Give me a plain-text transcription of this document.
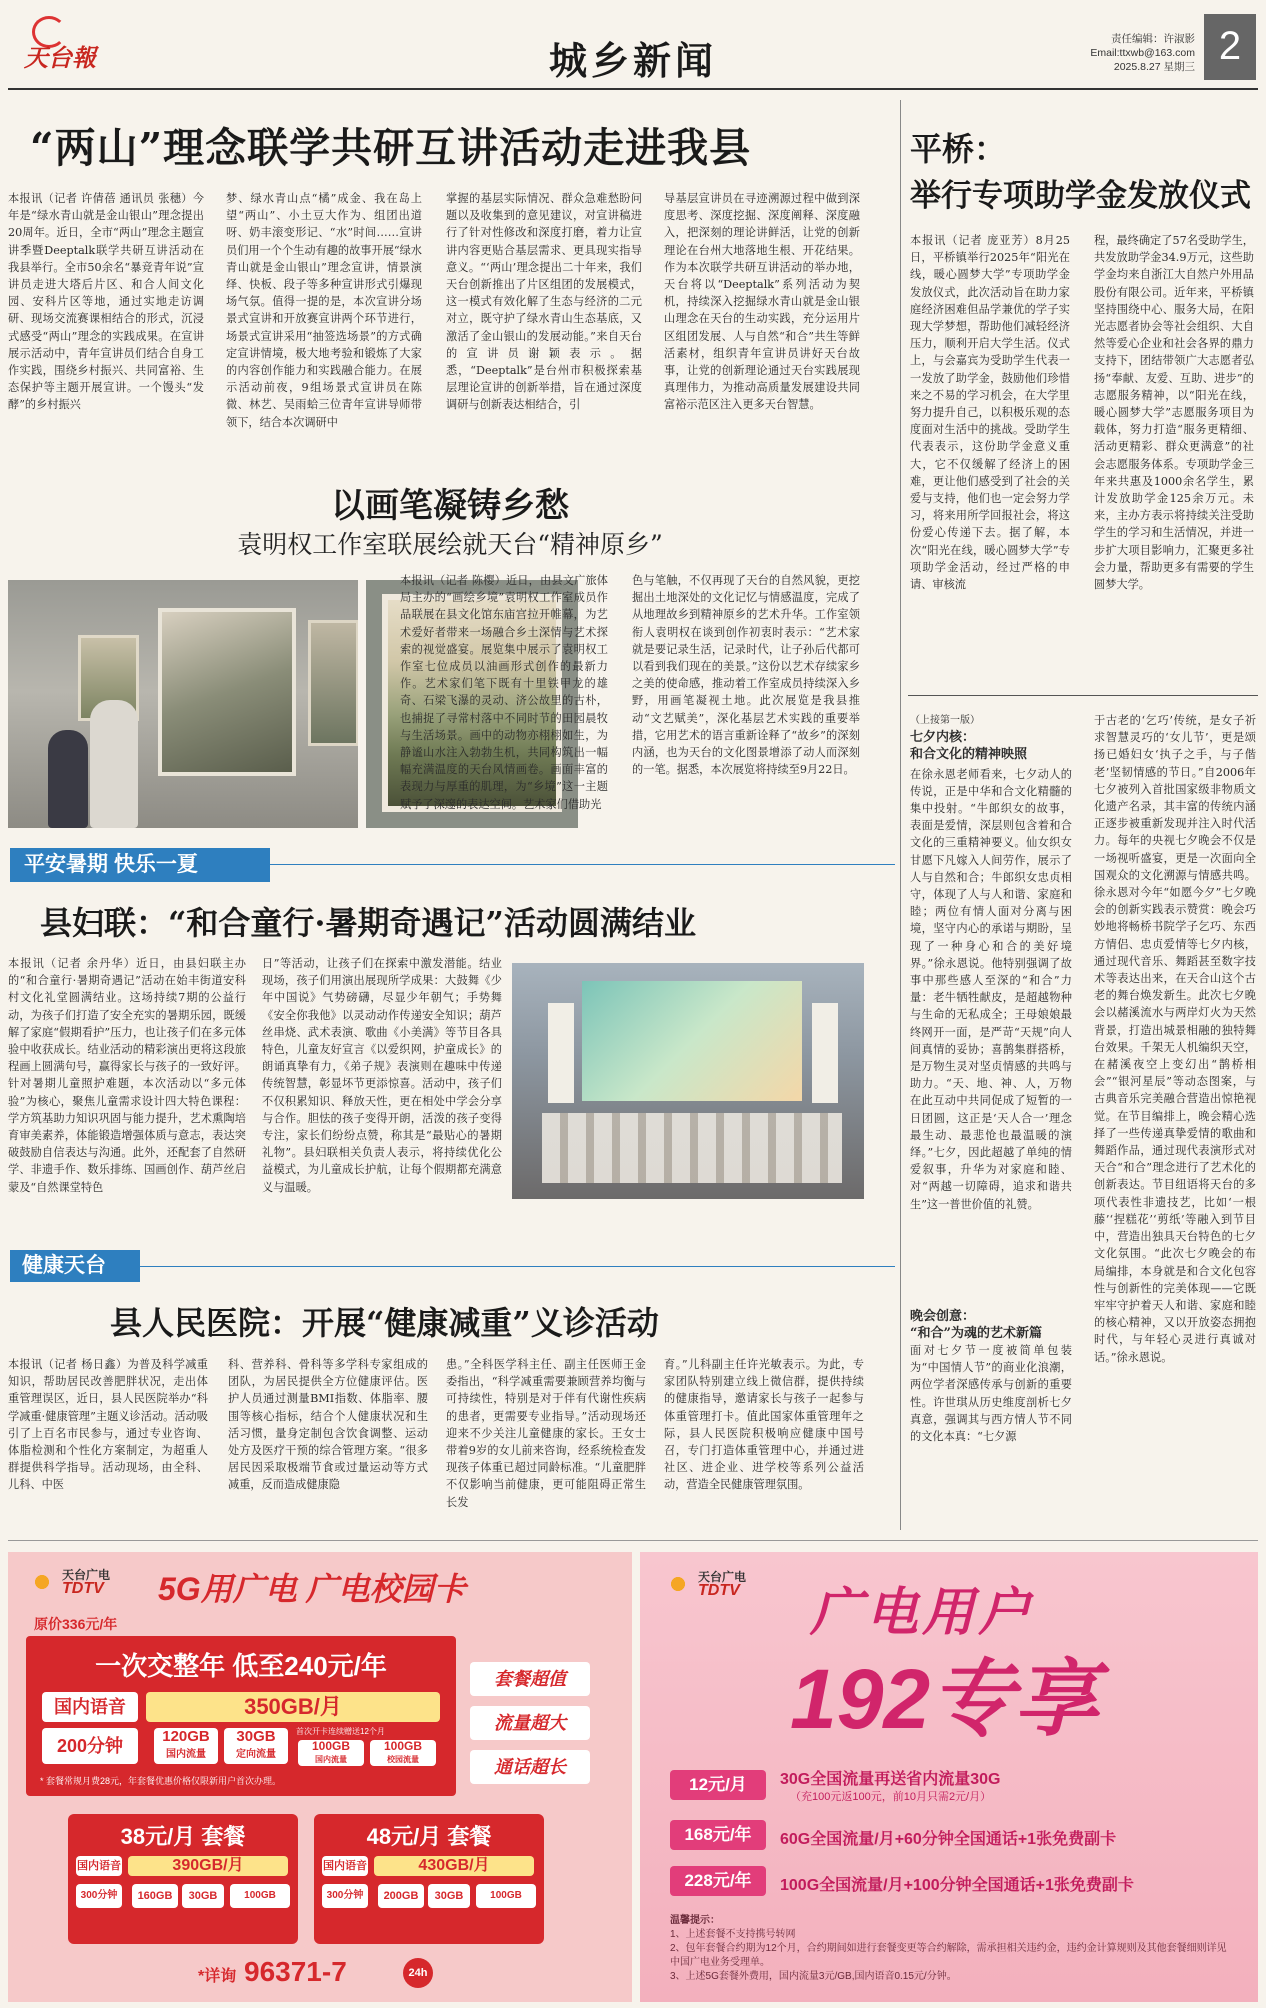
天台報	城乡新闻	责任编辑：许淑影
Email:ttxwb@163.com
2025.8.27 星期三 2
“两山”理念联学共研互讲活动走进我县
本报讯（记者 许倩蓓 通讯员 张穗）今年是“绿水青山就是金山银山”理念提出20周年。近日，全市“两山”理念主题宣讲季暨Deeptalk联学共研互讲活动在我县举行。全市50余名“暴竞青年说”宣讲员走进大塔后片区、和合人间文化园、安科片区等地，通过实地走访调研、现场交流赛课相结合的形式，沉浸式感受“两山”理念的实践成果。在宣讲展示活动中，青年宣讲员们结合自身工作实践，围绕乡村振兴、共同富裕、生态保护等主题开展宣讲。一个馒头“发酵”的乡村振兴
梦、绿水青山点“橘”成金、我在岛上望“两山”、小土豆大作为、组团出道呀、奶丰滚变形记、“水”时间……宣讲员们用一个个生动有趣的故事开展“绿水青山就是金山银山”理念宣讲，情景演绎、快板、段子等多种宣讲形式引爆现场气氛。值得一提的是，本次宣讲分场景式宣讲和开放赛宣讲两个环节进行，场景式宣讲采用“抽签选场景”的方式确定宣讲情境，极大地考验和锻炼了大家的内容创作能力和实践融合能力。在展示活动前夜，9组场景式宣讲员在陈微、林艺、吴雨蛤三位青年宣讲导师带领下，结合本次调研中
掌握的基层实际情况、群众急难愁盼问题以及收集到的意见建议，对宣讲稿进行了针对性修改和深度打磨，着力让宣讲内容更贴合基层需求、更具现实指导意义。“‘两山’理念提出二十年来，我们天台创新推出了片区组团的发展模式，这一模式有效化解了生态与经济的二元对立，既守护了绿水青山生态基底，又激活了金山银山的发展动能。”来自天台的宣讲员谢颖表示。据悉，“Deeptalk”是台州市积极探索基层理论宣讲的创新举措，旨在通过深度调研与创新表达相结合，引
导基层宣讲员在寻迹溯源过程中做到深度思考、深度挖掘、深度阐释、深度融入，把深刻的理论讲鲜活，让党的创新理论在台州大地落地生根、开花结果。作为本次联学共研互讲活动的举办地，天台将以“Deeptalk”系列活动为契机，持续深入挖掘绿水青山就是金山银山理念在天台的生动实践，充分运用片区组团发展、人与自然“和合”共生等鲜活素材，组织青年宣讲员讲好天台故事，让党的创新理论通过天台实践展现真理伟力，为推动高质量发展建设共同富裕示范区注入更多天台智慧。
平桥：
举行专项助学金发放仪式
本报讯（记者 庞亚芳）8月25日，平桥镇举行2025年“阳光在线，暖心圆梦大学”专项助学金发放仪式，此次活动旨在助力家庭经济困难但品学兼优的学子实现大学梦想，帮助他们减轻经济压力，顺利开启大学生活。仪式上，与会嘉宾为受助学生代表一一发放了助学金，鼓励他们珍惜来之不易的学习机会，在大学里努力提升自己，以积极乐观的态度面对生活中的挑战。受助学生代表表示，这份助学金意义重大，它不仅缓解了经济上的困难，更让他们感受到了社会的关爱与支持，他们也一定会努力学习，将来用所学回报社会，将这份爱心传递下去。据了解，本次“阳光在线，暖心圆梦大学”专项助学金活动，经过严格的申请、审核流
程，最终确定了57名受助学生，共发放助学金34.9万元，这些助学金均来自浙江大自然户外用品股份有限公司。近年来，平桥镇坚持围绕中心、服务大局，在阳光志愿者协会等社会组织、大自然等爱心企业和社会各界的鼎力支持下，团结带领广大志愿者弘扬“奉献、友爱、互助、进步”的志愿服务精神，以“阳光在线，暖心圆梦大学”志愿服务项目为载体，努力打造“服务更精细、活动更精彩、群众更满意”的社会志愿服务体系。专项助学金三年来共惠及1000余名学生，累计发放助学金125余万元。未来，主办方表示将持续关注受助学生的学习和生活情况，并进一步扩大项目影响力，汇聚更多社会力量，帮助更多有需要的学生圆梦大学。
以画笔凝铸乡愁
袁明权工作室联展绘就天台“精神原乡”
本报讯（记者 陈樱）近日，由县文广旅体局主办的“画绘乡境”袁明权工作室成员作品联展在县文化馆东庙宫拉开帷幕，为艺术爱好者带来一场融合乡土深情与艺术探索的视觉盛宴。展览集中展示了袁明权工作室七位成员以油画形式创作的最新力作。艺术家们笔下既有十里铁甲龙的雄奇、石梁飞瀑的灵动、济公故里的古朴，也捕捉了寻常村落中不同时节的田园晨牧与生活场景。画中的动物亦栩栩如生，为静谧山水注入勃勃生机，共同构筑出一幅幅充满温度的天台风情画卷。画面丰富的表现力与厚重的肌理，为“乡境”这一主题赋予了深邃的表达空间。艺术家们借助光
色与笔触，不仅再现了天台的自然风貌，更挖掘出土地深处的文化记忆与情感温度，完成了从地理故乡到精神原乡的艺术升华。工作室领衔人袁明权在谈到创作初衷时表示：“艺术家就是要记录生活，记录时代，让子孙后代都可以看到我们现在的美景。”这份以艺术存续家乡之美的使命感，推动着工作室成员持续深入乡野，用画笔凝视土地。此次展览是我县推动“文艺赋美”，深化基层艺术实践的重要举措，它用艺术的语言重新诠释了“故乡”的深刻内涵，也为天台的文化图景增添了动人而深刻的一笔。据悉，本次展览将持续至9月22日。
平安暑期 快乐一夏
县妇联：“和合童行·暑期奇遇记”活动圆满结业
本报讯（记者 余丹华）近日，由县妇联主办的“和合童行·暑期奇遇记”活动在始丰街道安科村文化礼堂圆满结业。这场持续7期的公益行动，为孩子们打造了安全充实的暑期乐园，既缓解了家庭“假期看护”压力，也让孩子们在多元体验中收获成长。结业活动的精彩演出更将这段旅程画上圆满句号，赢得家长与孩子的一致好评。针对暑期儿童照护难题，本次活动以“多元体验”为核心，聚焦儿童需求设计四大特色课程：学方筑基助力知识巩固与能力提升，艺术熏陶培育审美素养，体能锻造增强体质与意志，表达突破鼓励自信表达与沟通。此外，还配套了自然研学、非遗手作、数乐排练、国画创作、葫芦丝启蒙及“自然课堂特色
日”等活动，让孩子们在探索中激发潜能。结业现场，孩子们用演出展现所学成果：大鼓舞《少年中国说》气势磅礴，尽显少年朝气；手势舞《安全你我他》以灵动动作传递安全知识；葫芦丝串烧、武术表演、歌曲《小美满》等节目各具特色，儿童友好宣言《以爱织网，护童成长》的朗诵真挚有力，《弟子规》表演则在趣味中传递传统智慧，彰显坏节更添惊喜。活动中，孩子们不仅积累知识、释放天性，更在相处中学会分享与合作。胆怯的孩子变得开朗，活泼的孩子变得专注，家长们纷纷点赞，称其是“最贴心的暑期礼物”。县妇联相关负责人表示，将持续优化公益模式，为儿童成长护航，让每个假期都充满意义与温暖。
健康天台
县人民医院：开展“健康减重”义诊活动
本报讯（记者 杨日鑫）为普及科学减重知识，帮助居民改善肥胖状况，走出体重管理误区，近日，县人民医院举办“科学减重·健康管理”主题义诊活动。活动吸引了上百名市民参与，通过专业咨询、体脂检测和个性化方案制定，为超重人群提供科学指导。活动现场，由全科、儿科、中医
科、营养科、骨科等多学科专家组成的团队，为居民提供全方位健康评估。医护人员通过测量BMI指数、体脂率、腰围等核心指标，结合个人健康状况和生活习惯，量身定制包含饮食调整、运动处方及医疗干预的综合管理方案。“很多居民因采取极端节食或过量运动等方式减重，反而造成健康隐
患。”全科医学科主任、副主任医师王金委指出，“科学减重需要兼顾营养均衡与可持续性，特别是对于伴有代谢性疾病的患者，更需要专业指导。”活动现场还迎来不少关注儿童健康的家长。王女士带着9岁的女儿前来咨询，经系统检查发现孩子体重已超过同龄标准。“儿童肥胖不仅影响当前健康，更可能阻碍正常生长发
育。”儿科副主任许光敏表示。为此，专家团队特别建立线上微信群，提供持续的健康指导，邀请家长与孩子一起参与体重管理打卡。值此国家体重管理年之际，县人民医院积极响应健康中国号召，专门打造体重管理中心，并通过进社区、进企业、进学校等系列公益活动，营造全民健康管理氛围。
（上接第一版）
七夕内核：
和合文化的精神映照
在徐永恩老师看来，七夕动人的传说，正是中华和合文化精髓的集中投射。“牛郎织女的故事，表面是爱情，深层则包含着和合文化的三重精神要义。仙女织女甘愿下凡嫁入人间劳作，展示了人与自然和合；牛郎织女忠贞相守，体现了人与人和谐、家庭和睦；两位有情人面对分离与困境，坚守内心的承诺与期盼，呈现了一种身心和合的美好境界。”徐永恩说。他特别强调了故事中那些感人至深的“和合”力量：老牛牺牲献皮，是超越物种与生命的无私成全；王母娘娘最终网开一面，是严苛“天规”向人间真情的妥协；喜鹊集群搭桥，是万物生灵对坚贞情感的共鸣与助力。“天、地、神、人，万物在此互动中共同促成了短暂的一日团圆，这正是‘天人合一’理念最生动、最悲怆也最温暖的演绎。”七夕，因此超越了单纯的情爱叙事，升华为对家庭和睦、对“两越一切障碍，追求和谐共生”这一普世价值的礼赞。
晚会创意：
“和合”为魂的艺术新篇
面对七夕节一度被简单包装为“中国情人节”的商业化浪潮，两位学者深感传承与创新的重要性。许世琪从历史维度剖析七夕真意，强调其与西方情人节不同的文化本真：“七夕源
于古老的‘乞巧’传统，是女子祈求智慧灵巧的‘女儿节’，更是颂扬已婚妇女‘执子之手，与子偕老’坚韧情感的节日。”自2006年七夕被列入首批国家级非物质文化遗产名录，其丰富的传统内涵正逐步被重新发现并注入时代活力。每年的央视七夕晚会不仅是一场视听盛宴，更是一次面向全国观众的文化溯源与情感共鸣。徐永恩对今年“如愿今夕”七夕晚会的创新实践表示赞赏：晚会巧妙地将畅桥书院学子乞巧、东西方情侣、忠贞爱情等七夕内核，通过现代音乐、舞蹈甚至数字技术等表达出来，在天合山这个古老的舞台焕发新生。此次七夕晚会以赭溪流水与两岸灯火为天然背景，打造出城景相融的独特舞台效果。千架无人机编织天空，在赭溪夜空上变幻出“鹊桥相会”“银河星辰”等动态图案，与古典音乐完美融合营造出惊艳视觉。在节目编排上，晚会精心选择了一些传递真挚爱情的歌曲和舞蹈作品，通过现代表演形式对天合“和合”理念进行了艺术化的创新表达。节目纽语将天台的多项代表性非遗技艺，比如‘一根藤’‘捏糕花’‘剪纸’等融入到节目中，营造出独具天台特色的七夕文化氛围。“此次七夕晚会的布局编排，本身就是和合文化包容性与创新性的完美体现——它既牢牢守护着天人和谐、家庭和睦的核心精神，又以开放姿态拥抱时代，与年轻心灵进行真诚对话。”徐永恩说。
天台广电
TDTV 5G用广电 广电校园卡
原价336元/年
一次交整年 低至240元/年
国内语音	350GB/月
200分钟	120GB
国内流量
30GB
定向流量
首次开卡连续赠送12个月
100GB
国内流量
100GB
校园流量
* 套餐常规月费28元，年套餐优惠价格仅限新用户首次办理。
套餐超值
流量超大
通话超长
38元/月 套餐
国内语音	390GB/月
300分钟	160GB	30GB	100GB
48元/月 套餐
国内语音	430GB/月
300分钟	200GB	30GB	100GB
*详询 96371-7	24h
天台广电
TDTV 广电用户
192专享
12元/月	30G全国流量再送省内流量30G
（充100元返100元，前10月只需2元/月）
168元/年	60G全国流量/月+60分钟全国通话+1张免费副卡
228元/年	100G全国流量/月+100分钟全国通话+1张免费副卡
温馨提示：
1、上述套餐不支持携号转网
2、包年套餐合约期为12个月，合约期间如进行套餐变更等合约解除，需承担相关违约金，违约金计算规则及其他套餐细则详见中国广电业务受理单。
3、上述5G套餐外费用，国内流量3元/GB,国内语音0.15元/分钟。
